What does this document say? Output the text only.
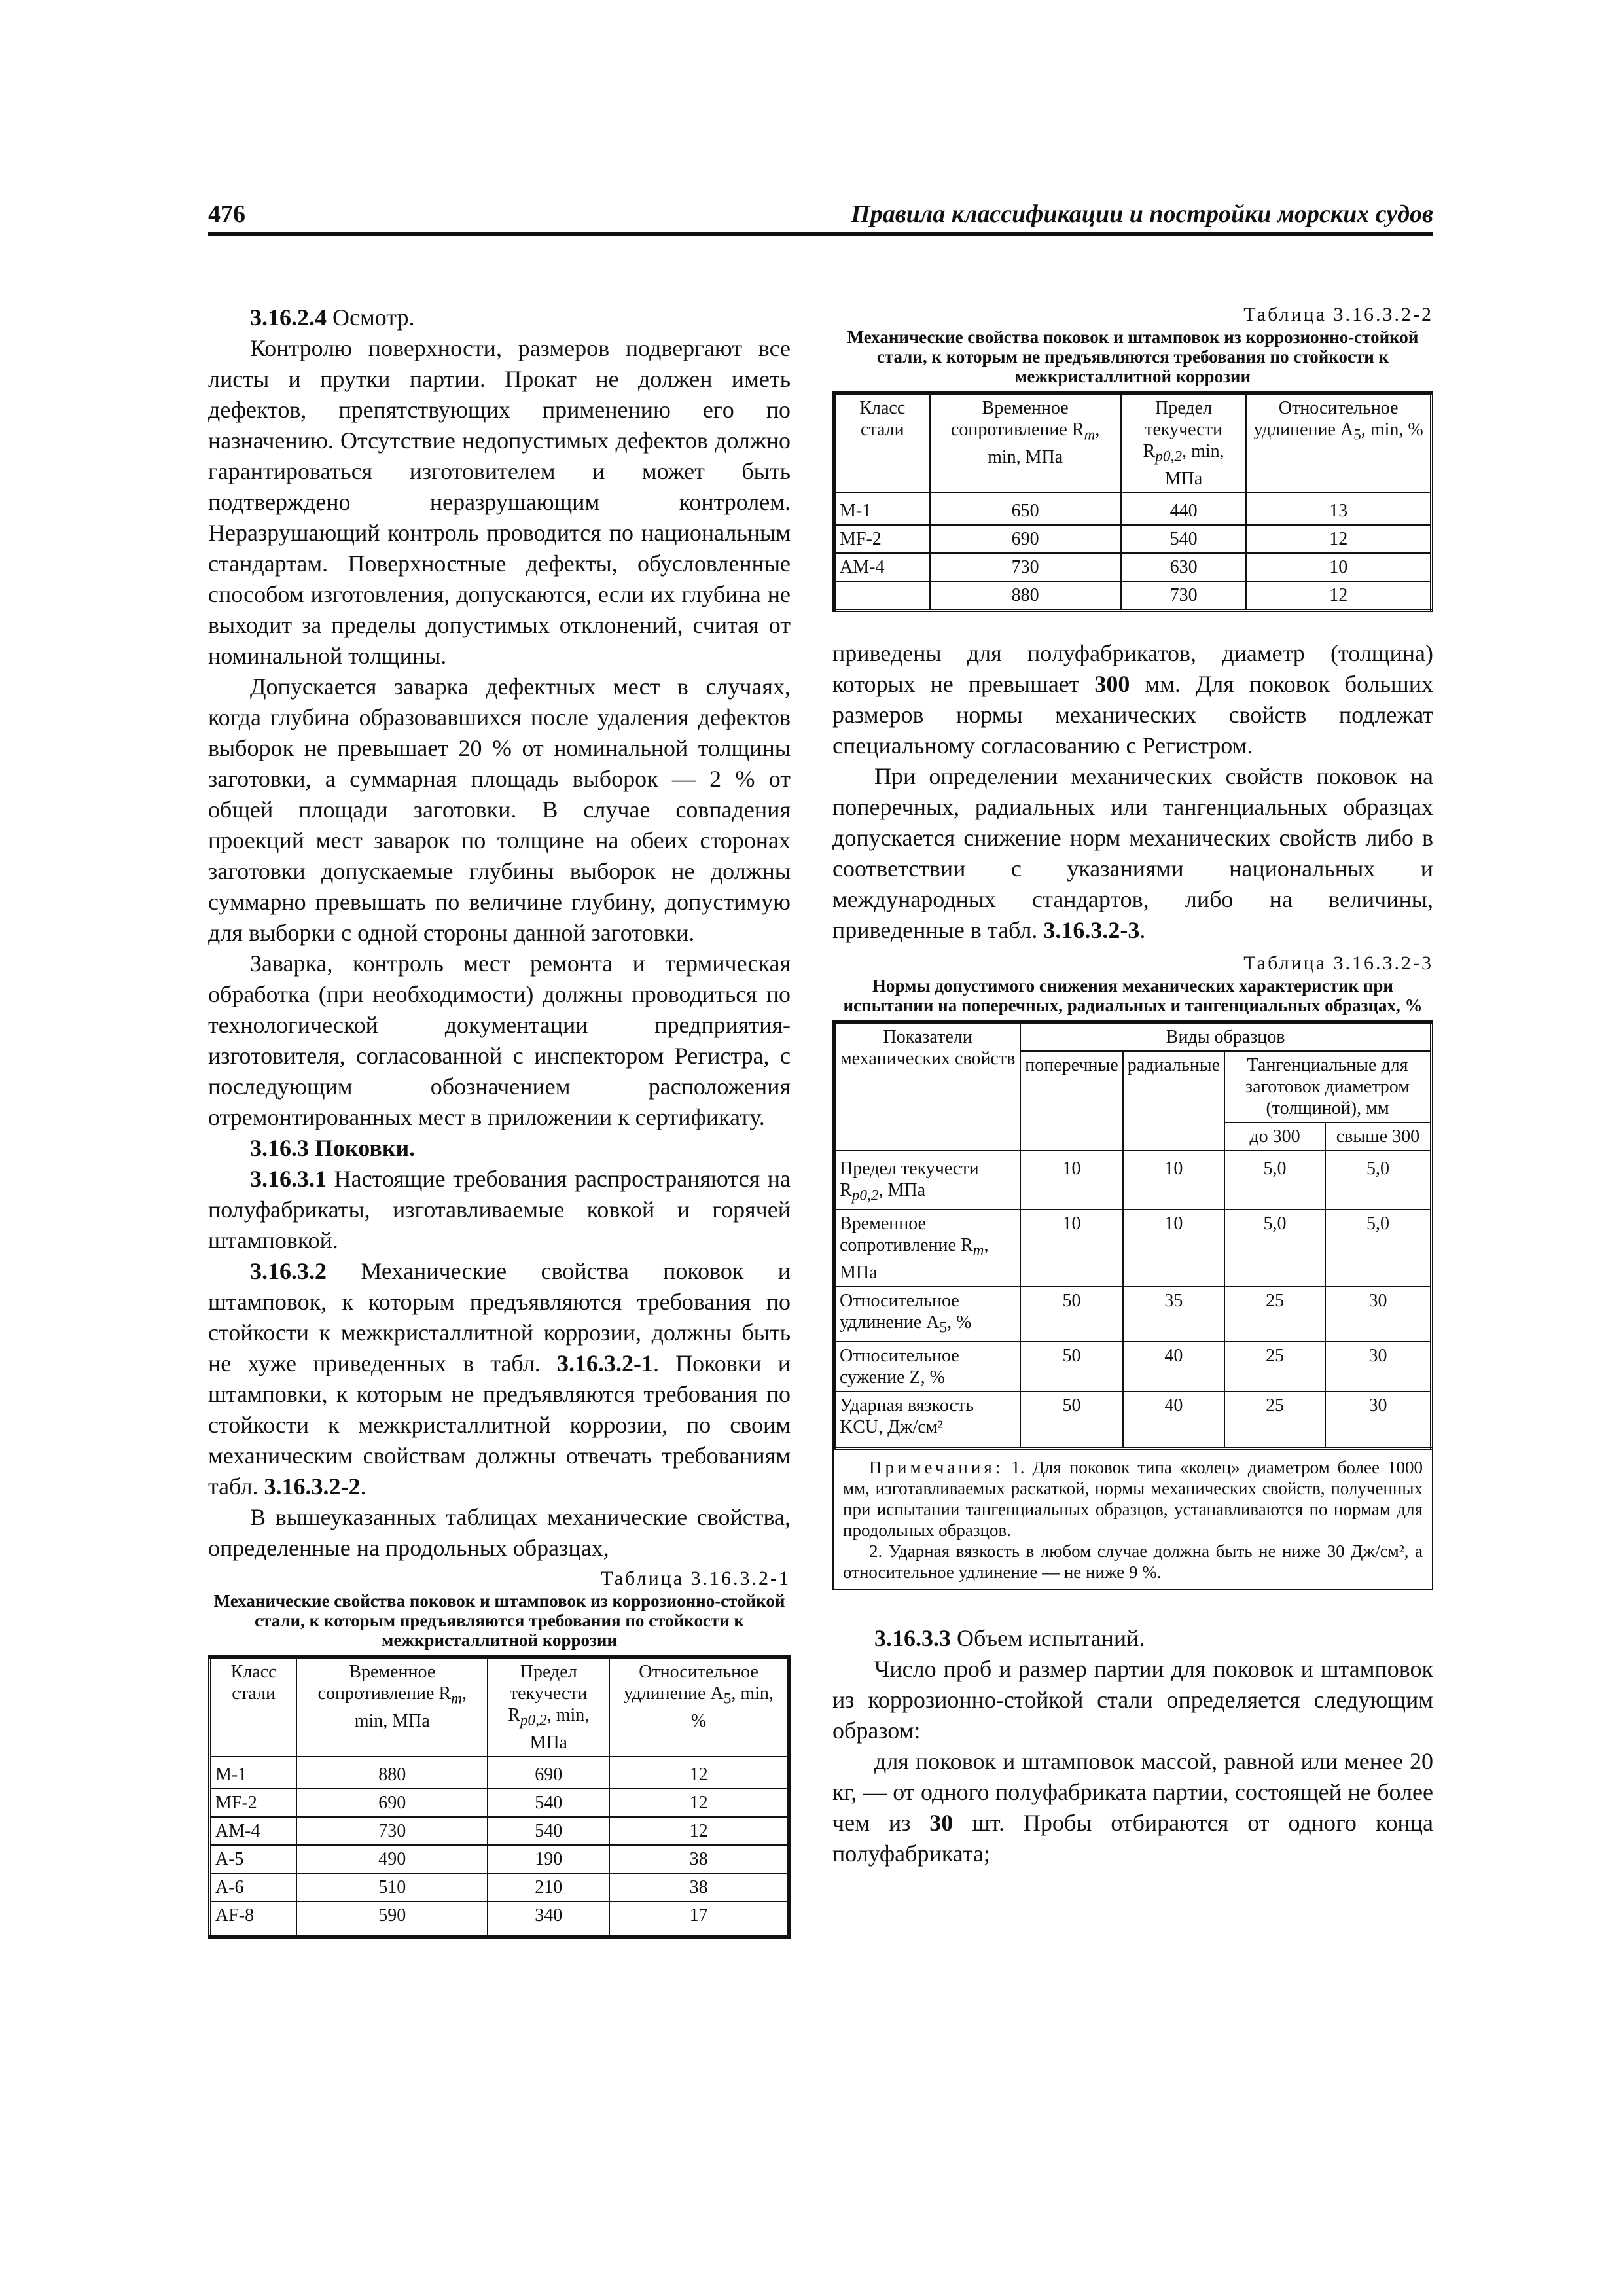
476	Правила классификации и постройки морских судов

3.16.2.4 Осмотр.

Контролю поверхности, размеров подвергают все листы и прутки партии. Прокат не должен иметь дефектов, препятствующих применению его по назначению. Отсутствие недопустимых дефектов должно гарантироваться изготовителем и может быть подтверждено неразрушающим контролем. Неразрушающий контроль проводится по национальным стандартам. Поверхностные дефекты, обусловленные способом изготовления, допускаются, если их глубина не выходит за пределы допустимых отклонений, считая от номинальной толщины.

Допускается заварка дефектных мест в случаях, когда глубина образовавшихся после удаления дефектов выборок не превышает 20 % от номинальной толщины заготовки, а суммарная площадь выборок — 2 % от общей площади заготовки. В случае совпадения проекций мест заварок по толщине на обеих сторонах заготовки допускаемые глубины выборок не должны суммарно превышать по величине глубину, допустимую для выборки с одной стороны данной заготовки.

Заварка, контроль мест ремонта и термическая обработка (при необходимости) должны проводиться по технологической документации предприятия-изготовителя, согласованной с инспектором Регистра, с последующим обозначением расположения отремонтированных мест в приложении к сертификату.

3.16.3 Поковки.

3.16.3.1 Настоящие требования распространяются на полуфабрикаты, изготавливаемые ковкой и горячей штамповкой.

3.16.3.2 Механические свойства поковок и штамповок, к которым предъявляются требования по стойкости к межкристаллитной коррозии, должны быть не хуже приведенных в табл. 3.16.3.2-1. Поковки и штамповки, к которым не предъявляются требования по стойкости к межкристаллитной коррозии, по своим механическим свойствам должны отвечать требованиям табл. 3.16.3.2-2.

В вышеуказанных таблицах механические свойства, определенные на продольных образцах,

Таблица 3.16.3.2-1

Механические свойства поковок и штамповок из коррозионно-стойкой стали, к которым предъявляются требования по стойкости к межкристаллитной коррозии

Класс стали	Временное сопротивление $R_m$, min, МПа	Предел текучести $R_{p0,2}$, min, МПа	Относительное удлинение $A_5$, min, %
M-1	880	690	12
MF-2	690	540	12
AM-4	730	540	12
A-5	490	190	38
A-6	510	210	38
AF-8	590	340	17

Таблица 3.16.3.2-2

Механические свойства поковок и штамповок из коррозионно-стойкой стали, к которым не предъявляются требования по стойкости к межкристаллитной коррозии

Класс стали	Временное сопротивление $R_m$, min, МПа	Предел текучести $R_{p0,2}$, min, МПа	Относительное удлинение $A_5$, min, %
M-1	650	440	13
MF-2	690	540	12
AM-4	730	630	10
	880	730	12

приведены для полуфабрикатов, диаметр (толщина) которых не превышает 300 мм. Для поковок больших размеров нормы механических свойств подлежат специальному согласованию с Регистром.

При определении механических свойств поковок на поперечных, радиальных или тангенциальных образцах допускается снижение норм механических свойств либо в соответствии с указаниями национальных и международных стандартов, либо на величины, приведенные в табл. 3.16.3.2-3.

Таблица 3.16.3.2-3

Нормы допустимого снижения механических характеристик при испытании на поперечных, радиальных и тангенциальных образцах, %

Показатели механических свойств	Виды образцов			
	поперечные	радиальные	Тангенциальные для заготовок диаметром (толщиной), мм	
			до 300	свыше 300
Предел текучести $R_{p0,2}$, МПа	10	10	5,0	5,0
Временное сопротивление $R_m$, МПа	10	10	5,0	5,0
Относительное удлинение $A_5$, %	50	35	25	30
Относительное сужение Z, %	50	40	25	30
Ударная вязкость KCU, Дж/см²	50	40	25	30

Примечания: 1. Для поковок типа «колец» диаметром более 1000 мм, изготавливаемых раскаткой, нормы механических свойств, полученных при испытании тангенциальных образцов, устанавливаются по нормам для продольных образцов.

2. Ударная вязкость в любом случае должна быть не ниже 30 Дж/см², а относительное удлинение — не ниже 9 %.

3.16.3.3 Объем испытаний.

Число проб и размер партии для поковок и штамповок из коррозионно-стойкой стали определяется следующим образом:

для поковок и штамповок массой, равной или менее 20 кг, — от одного полуфабриката партии, состоящей не более чем из 30 шт. Пробы отбираются от одного конца полуфабриката;
